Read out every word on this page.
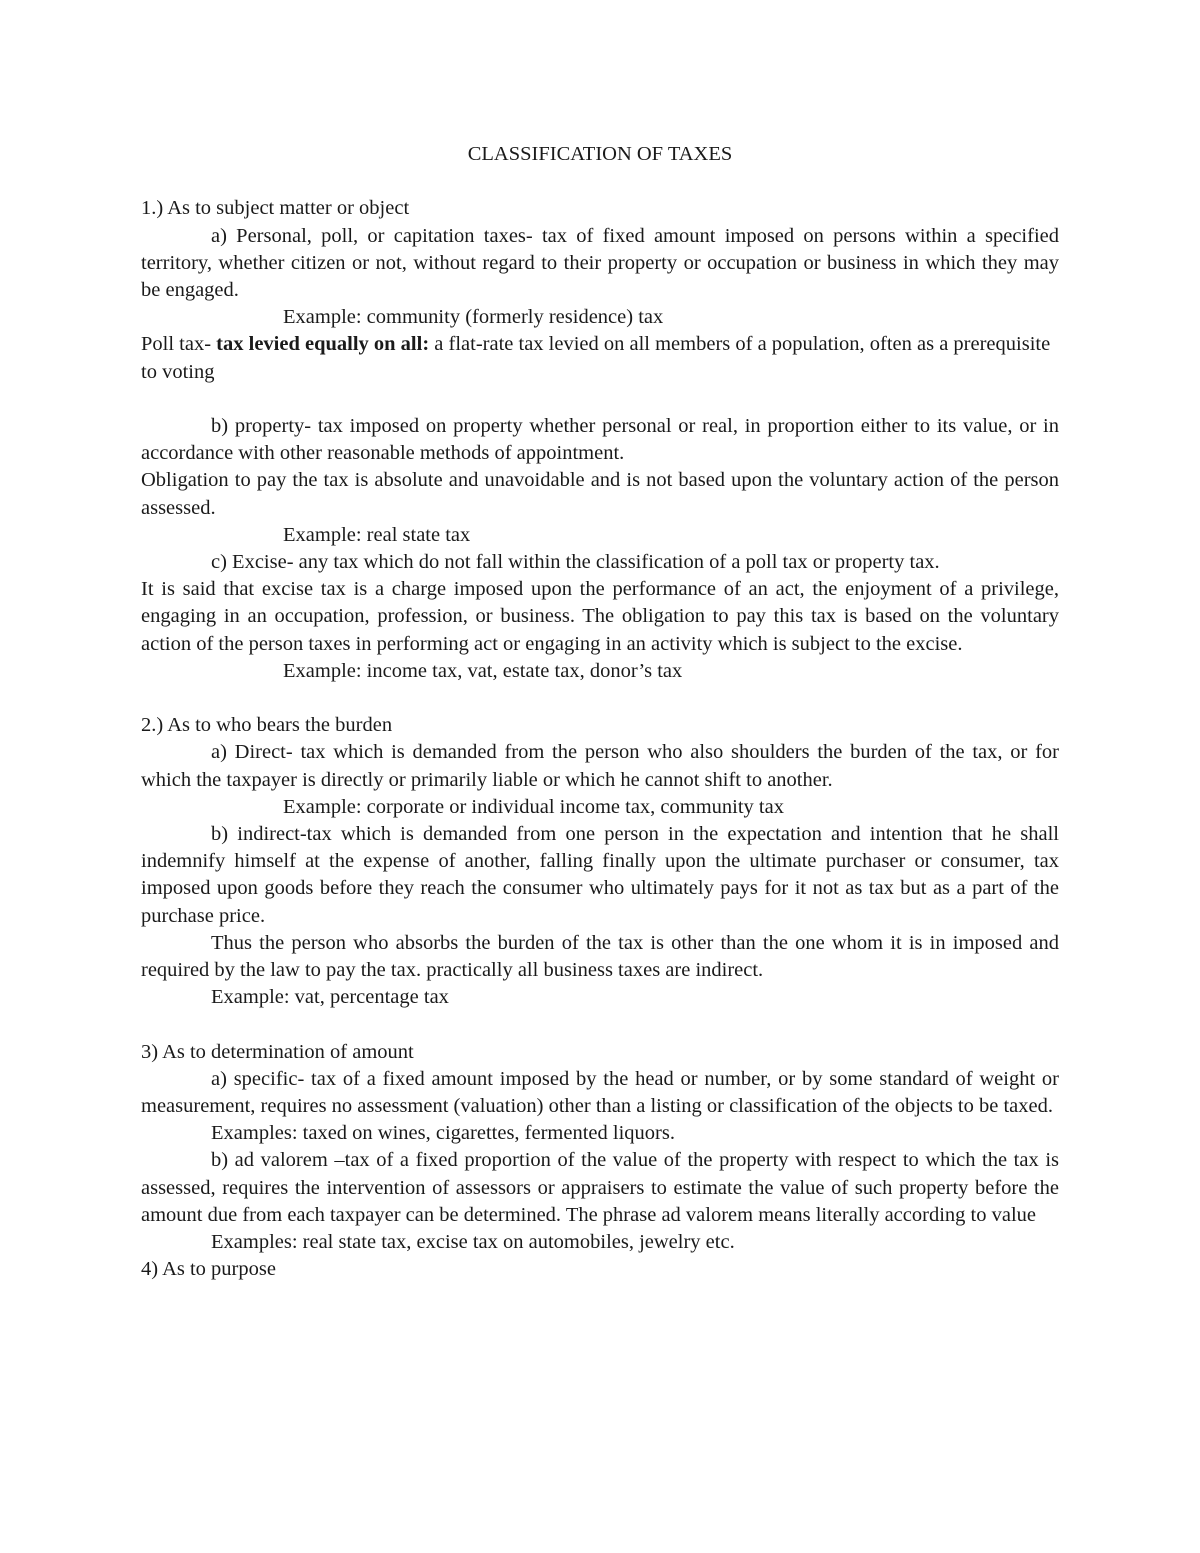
CLASSIFICATION OF TAXES

1.) As to subject matter or object

a) Personal, poll, or capitation taxes- tax of fixed amount imposed on persons within a specified territory, whether citizen or not, without regard to their property or occupation or business in which they may be engaged.

Example: community (formerly residence) tax

Poll tax- tax levied equally on all: a flat-rate tax levied on all members of a population, often as a prerequisite to voting

b) property- tax imposed on property whether personal or real, in proportion either to its value, or in accordance with other reasonable methods of appointment.

Obligation to pay the tax is absolute and unavoidable and is not based upon the voluntary action of the person assessed.

Example: real state tax

c) Excise- any tax which do not fall within the classification of a poll tax or property tax.

It is said that excise tax is a charge imposed upon the performance of an act, the enjoyment of a privilege, engaging in an occupation, profession, or business. The obligation to pay this tax is based on the voluntary action of the person taxes in performing act or engaging in an activity which is subject to the excise.

Example: income tax, vat, estate tax, donor’s tax

2.) As to who bears the burden

a) Direct- tax which is demanded from the person who also shoulders the burden of the tax, or for which the taxpayer is directly or primarily liable or which he cannot shift to another.

Example: corporate or individual income tax, community tax

b) indirect-tax which is demanded from one person in the expectation and intention that he shall indemnify himself at the expense of another, falling finally upon the ultimate purchaser or consumer, tax imposed upon goods before they reach the consumer who ultimately pays for it not as tax but as a part of the purchase price.

Thus the person who absorbs the burden of the tax is other than the one whom it is in imposed and required by the law to pay the tax. practically all business taxes are indirect.

Example: vat, percentage tax

3) As to determination of amount

a) specific- tax of a fixed amount imposed by the head or number, or by some standard of weight or measurement, requires no assessment (valuation) other than a listing or classification of the objects to be taxed.

Examples: taxed on wines, cigarettes, fermented liquors.

b) ad valorem –tax of a fixed proportion of the value of the property with respect to which the tax is assessed, requires the intervention of assessors or appraisers to estimate the value of such property before the amount due from each taxpayer can be determined. The phrase ad valorem means literally according to value

Examples: real state tax, excise tax on automobiles, jewelry etc.

4) As to purpose
